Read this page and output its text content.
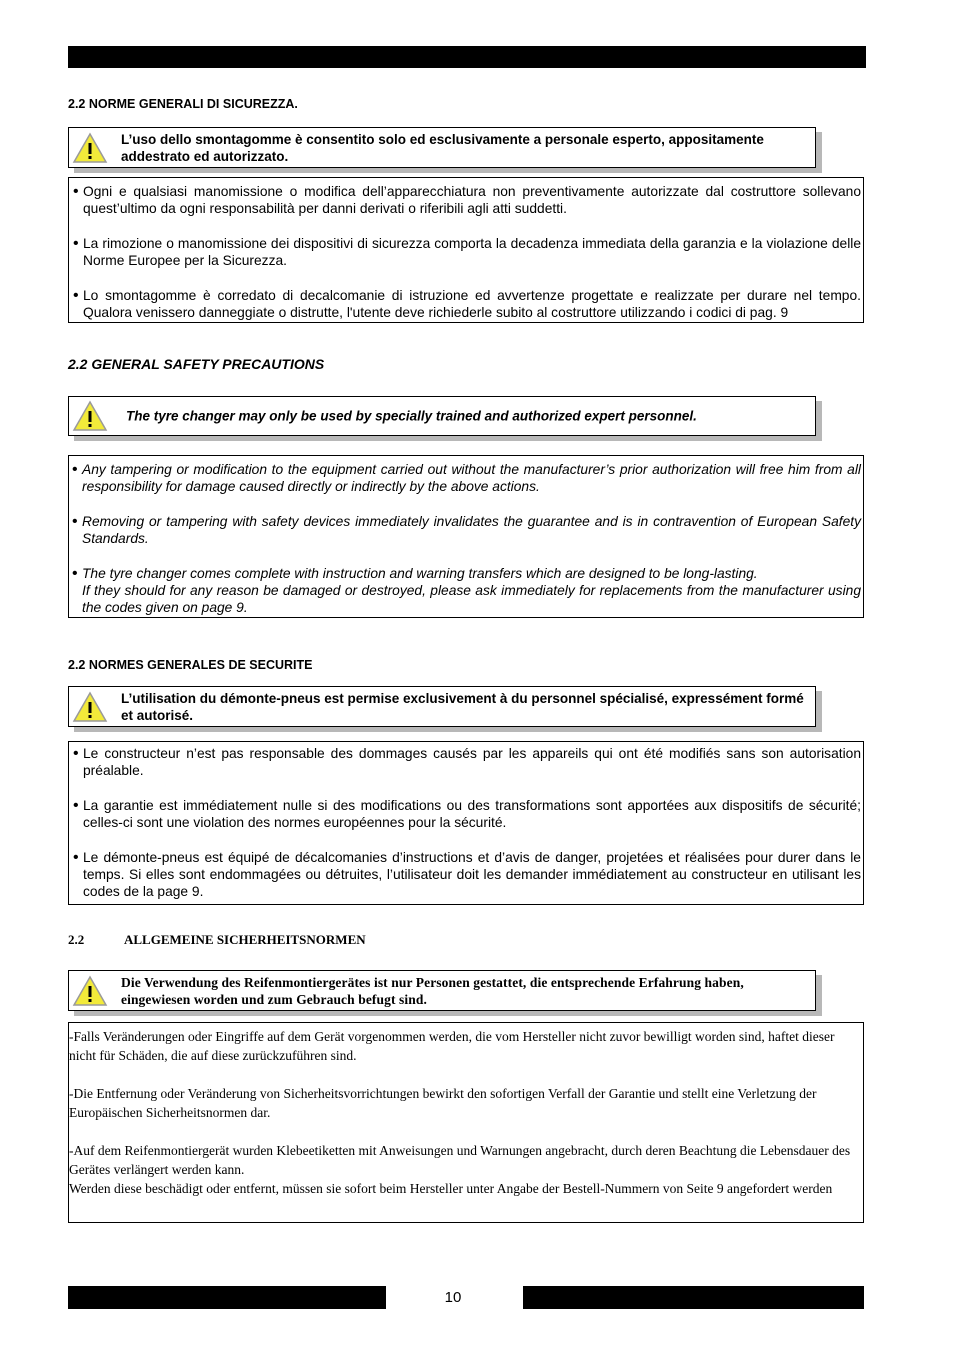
2.2 NORME GENERALI DI SICUREZZA.
L’uso dello smontagomme è consentito solo ed esclusivamente a personale esperto, appositamente addestrato ed autorizzato.
• Ogni e qualsiasi manomissione o modifica dell’apparecchiatura non preventivamente autorizzate dal costruttore sollevano quest’ultimo da ogni responsabilità per danni derivati o riferibili agli atti suddetti.

• La rimozione o manomissione dei dispositivi di sicurezza comporta la decadenza immediata della garanzia e la violazione delle Norme Europee per la Sicurezza.

• Lo smontagomme è corredato di decalcomanie di istruzione ed avvertenze progettate e realizzate per durare nel tempo. Qualora venissero danneggiate o distrutte, l'utente deve richiederle subito al costruttore utilizzando i codici di pag. 9

2.2 GENERAL SAFETY PRECAUTIONS
The tyre changer may only be used by specially trained and authorized expert personnel.
• Any tampering or modification to the equipment carried out without the manufacturer’s prior authorization will free him from all responsibility for damage caused directly or indirectly by the above actions.

• Removing or tampering with safety devices immediately invalidates the guarantee and is in contravention of European Safety Standards.

• The tyre changer comes complete with instruction and warning transfers which are designed to be long-lasting.

If they should for any reason be damaged or destroyed, please ask immediately for replacements from the manufacturer using the codes given on page 9.

2.2 NORMES GENERALES DE SECURITE
L’utilisation du démonte-pneus est permise exclusivement à du personnel spécialisé, expressément formé et autorisé.
• Le constructeur n’est pas responsable des dommages causés par les appareils qui ont été modifiés sans son autorisation préalable.

• La garantie est immédiatement nulle si des modifications ou des transformations sont apportées aux dispositifs de sécurité; celles-ci sont une violation des normes européennes pour la sécurité.

• Le démonte-pneus est équipé de décalcomanies d’instructions et d’avis de danger, projetées et réalisées pour durer dans le temps. Si elles sont endommagées ou détruites, l’utilisateur doit les demander immédiatement au constructeur en utilisant les codes de la page 9.

2.2	ALLGEMEINE SICHERHEITSNORMEN
Die Verwendung des Reifenmontiergerätes ist nur Personen gestattet, die entsprechende Erfahrung haben, eingewiesen worden und zum Gebrauch befugt sind.

-Falls Veränderungen oder Eingriffe auf dem Gerät vorgenommen werden, die vom Hersteller nicht zuvor bewilligt worden sind, haftet dieser nicht für Schäden, die auf diese zurückzuführen sind.

-Die Entfernung oder Veränderung von Sicherheitsvorrichtungen bewirkt den sofortigen Verfall der Garantie und stellt eine Verletzung der Europäischen Sicherheitsnormen dar.

-Auf dem Reifenmontiergerät wurden Klebeetiketten mit Anweisungen und Warnungen angebracht, durch deren Beachtung die Lebensdauer des Gerätes verlängert werden kann.

Werden diese beschädigt oder entfernt, müssen sie sofort beim Hersteller unter Angabe der Bestell-Nummern von Seite 9 angefordert werden

10
